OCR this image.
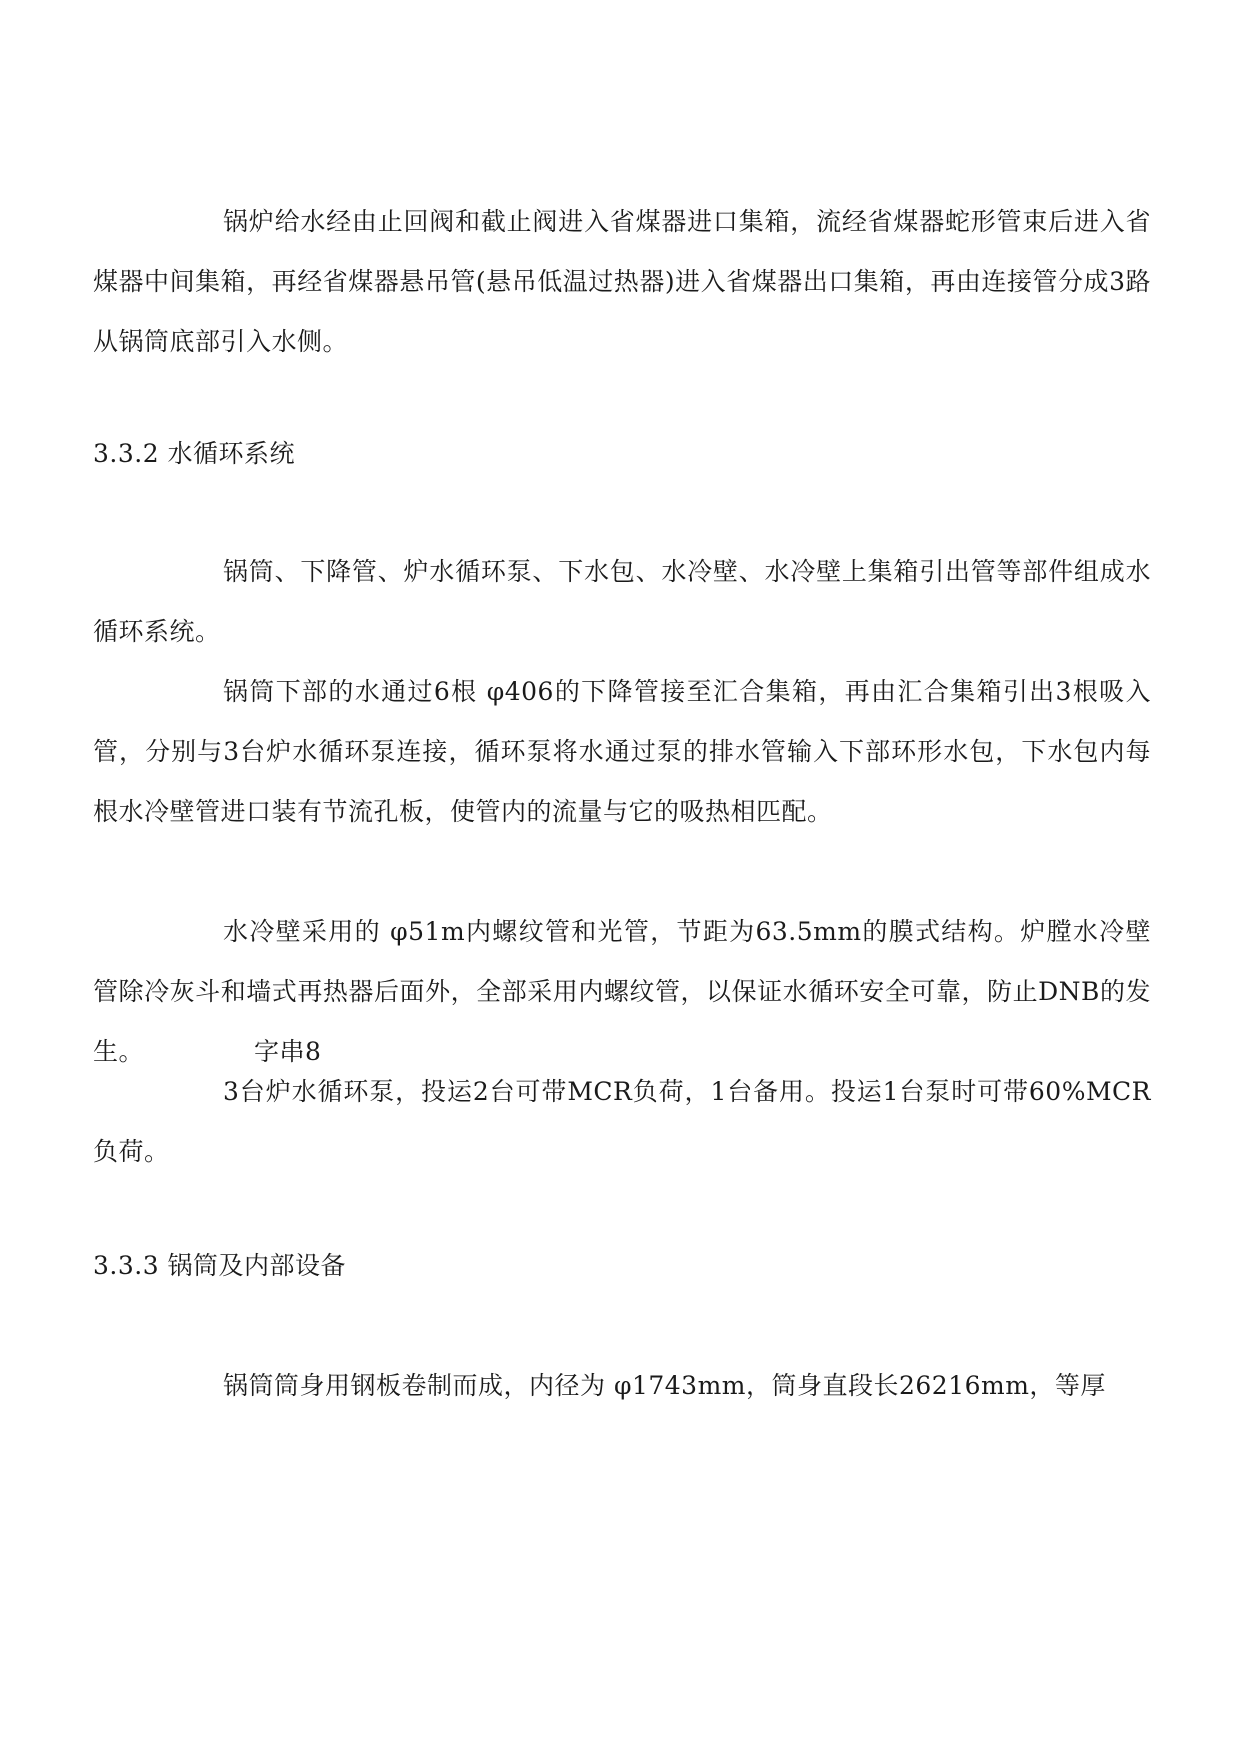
锅炉给水经由止回阀和截止阀进入省煤器进口集箱，流经省煤器蛇形管束后进入省煤器中间集箱，再经省煤器悬吊管(悬吊低温过热器)进入省煤器出口集箱，再由连接管分成3路从锅筒底部引入水侧。

3.3.2 水循环系统

锅筒、下降管、炉水循环泵、下水包、水冷壁、水冷壁上集箱引出管等部件组成水循环系统。

锅筒下部的水通过6根 φ406的下降管接至汇合集箱，再由汇合集箱引出3根吸入管，分别与3台炉水循环泵连接，循环泵将水通过泵的排水管输入下部环形水包，下水包内每根水冷壁管进口装有节流孔板，使管内的流量与它的吸热相匹配。

水冷壁采用的 φ51m内螺纹管和光管，节距为63.5mm的膜式结构。炉膛水冷壁管除冷灰斗和墙式再热器后面外，全部采用内螺纹管，以保证水循环安全可靠，防止DNB的发生。	字串8

3台炉水循环泵，投运2台可带MCR负荷，1台备用。投运1台泵时可带60%MCR负荷。

3.3.3 锅筒及内部设备

锅筒筒身用钢板卷制而成，内径为 φ1743mm，筒身直段长26216mm，等厚
